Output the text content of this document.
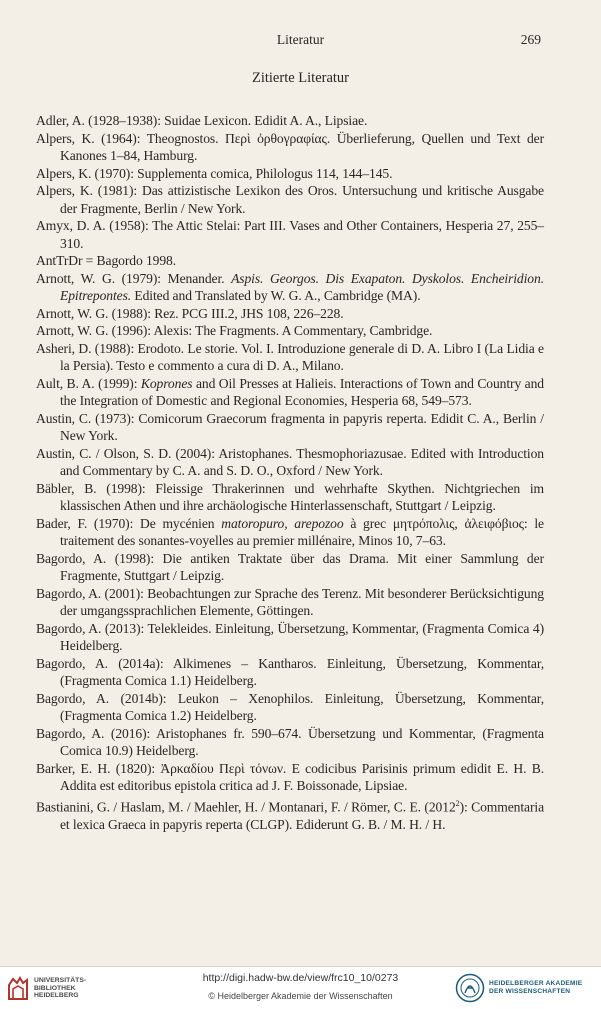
Literatur	269
Zitierte Literatur
Adler, A. (1928–1938): Suidae Lexicon. Edidit A. A., Lipsiae.
Alpers, K. (1964): Theognostos. Περὶ ὀρθογραφίας. Überlieferung, Quellen und Text der Kanones 1–84, Hamburg.
Alpers, K. (1970): Supplementa comica, Philologus 114, 144–145.
Alpers, K. (1981): Das attizistische Lexikon des Oros. Untersuchung und kritische Ausgabe der Fragmente, Berlin / New York.
Amyx, D. A. (1958): The Attic Stelai: Part III. Vases and Other Containers, Hesperia 27, 255–310.
AntTrDr = Bagordo 1998.
Arnott, W. G. (1979): Menander. Aspis. Georgos. Dis Exapaton. Dyskolos. Encheiridion. Epitrepontes. Edited and Translated by W. G. A., Cambridge (MA).
Arnott, W. G. (1988): Rez. PCG III.2, JHS 108, 226–228.
Arnott, W. G. (1996): Alexis: The Fragments. A Commentary, Cambridge.
Asheri, D. (1988): Erodoto. Le storie. Vol. I. Introduzione generale di D. A. Libro I (La Lidia e la Persia). Testo e commento a cura di D. A., Milano.
Ault, B. A. (1999): Koprones and Oil Presses at Halieis. Interactions of Town and Country and the Integration of Domestic and Regional Economies, Hesperia 68, 549–573.
Austin, C. (1973): Comicorum Graecorum fragmenta in papyris reperta. Edidit C. A., Berlin / New York.
Austin, C. / Olson, S. D. (2004): Aristophanes. Thesmophoriazusae. Edited with Introduction and Commentary by C. A. and S. D. O., Oxford / New York.
Bäbler, B. (1998): Fleissige Thrakerinnen und wehrhafte Skythen. Nichtgriechen im klassischen Athen und ihre archäologische Hinterlassenschaft, Stuttgart / Leipzig.
Bader, F. (1970): De mycénien matoropuro, arepozoo à grec μητρόπολις, ἀλειφόβιος: le traitement des sonantes-voyelles au premier millénaire, Minos 10, 7–63.
Bagordo, A. (1998): Die antiken Traktate über das Drama. Mit einer Sammlung der Fragmente, Stuttgart / Leipzig.
Bagordo, A. (2001): Beobachtungen zur Sprache des Terenz. Mit besonderer Berücksichtigung der umgangssprachlichen Elemente, Göttingen.
Bagordo, A. (2013): Telekleides. Einleitung, Übersetzung, Kommentar, (Fragmenta Comica 4) Heidelberg.
Bagordo, A. (2014a): Alkimenes – Kantharos. Einleitung, Übersetzung, Kommentar, (Fragmenta Comica 1.1) Heidelberg.
Bagordo, A. (2014b): Leukon – Xenophilos. Einleitung, Übersetzung, Kommentar, (Fragmenta Comica 1.2) Heidelberg.
Bagordo, A. (2016): Aristophanes fr. 590–674. Übersetzung und Kommentar, (Fragmenta Comica 10.9) Heidelberg.
Barker, E. H. (1820): Ἀρκαδίου Περὶ τόνων. E codicibus Parisinis primum edidit E. H. B. Addita est editoribus epistola critica ad J. F. Boissonade, Lipsiae.
Bastianini, G. / Haslam, M. / Maehler, H. / Montanari, F. / Römer, C. E. (2012$^2$): Commentaria et lexica Graeca in papyris reperta (CLGP). Ediderunt G. B. / M. H. / H.
UNIVERSITÄTS-BIBLIOTHEK HEIDELBERG
http://digi.hadw-bw.de/view/frc10_10/0273
© Heidelberger Akademie der Wissenschaften
HEIDELBERGER AKADEMIE
DER WISSENSCHAFTEN
